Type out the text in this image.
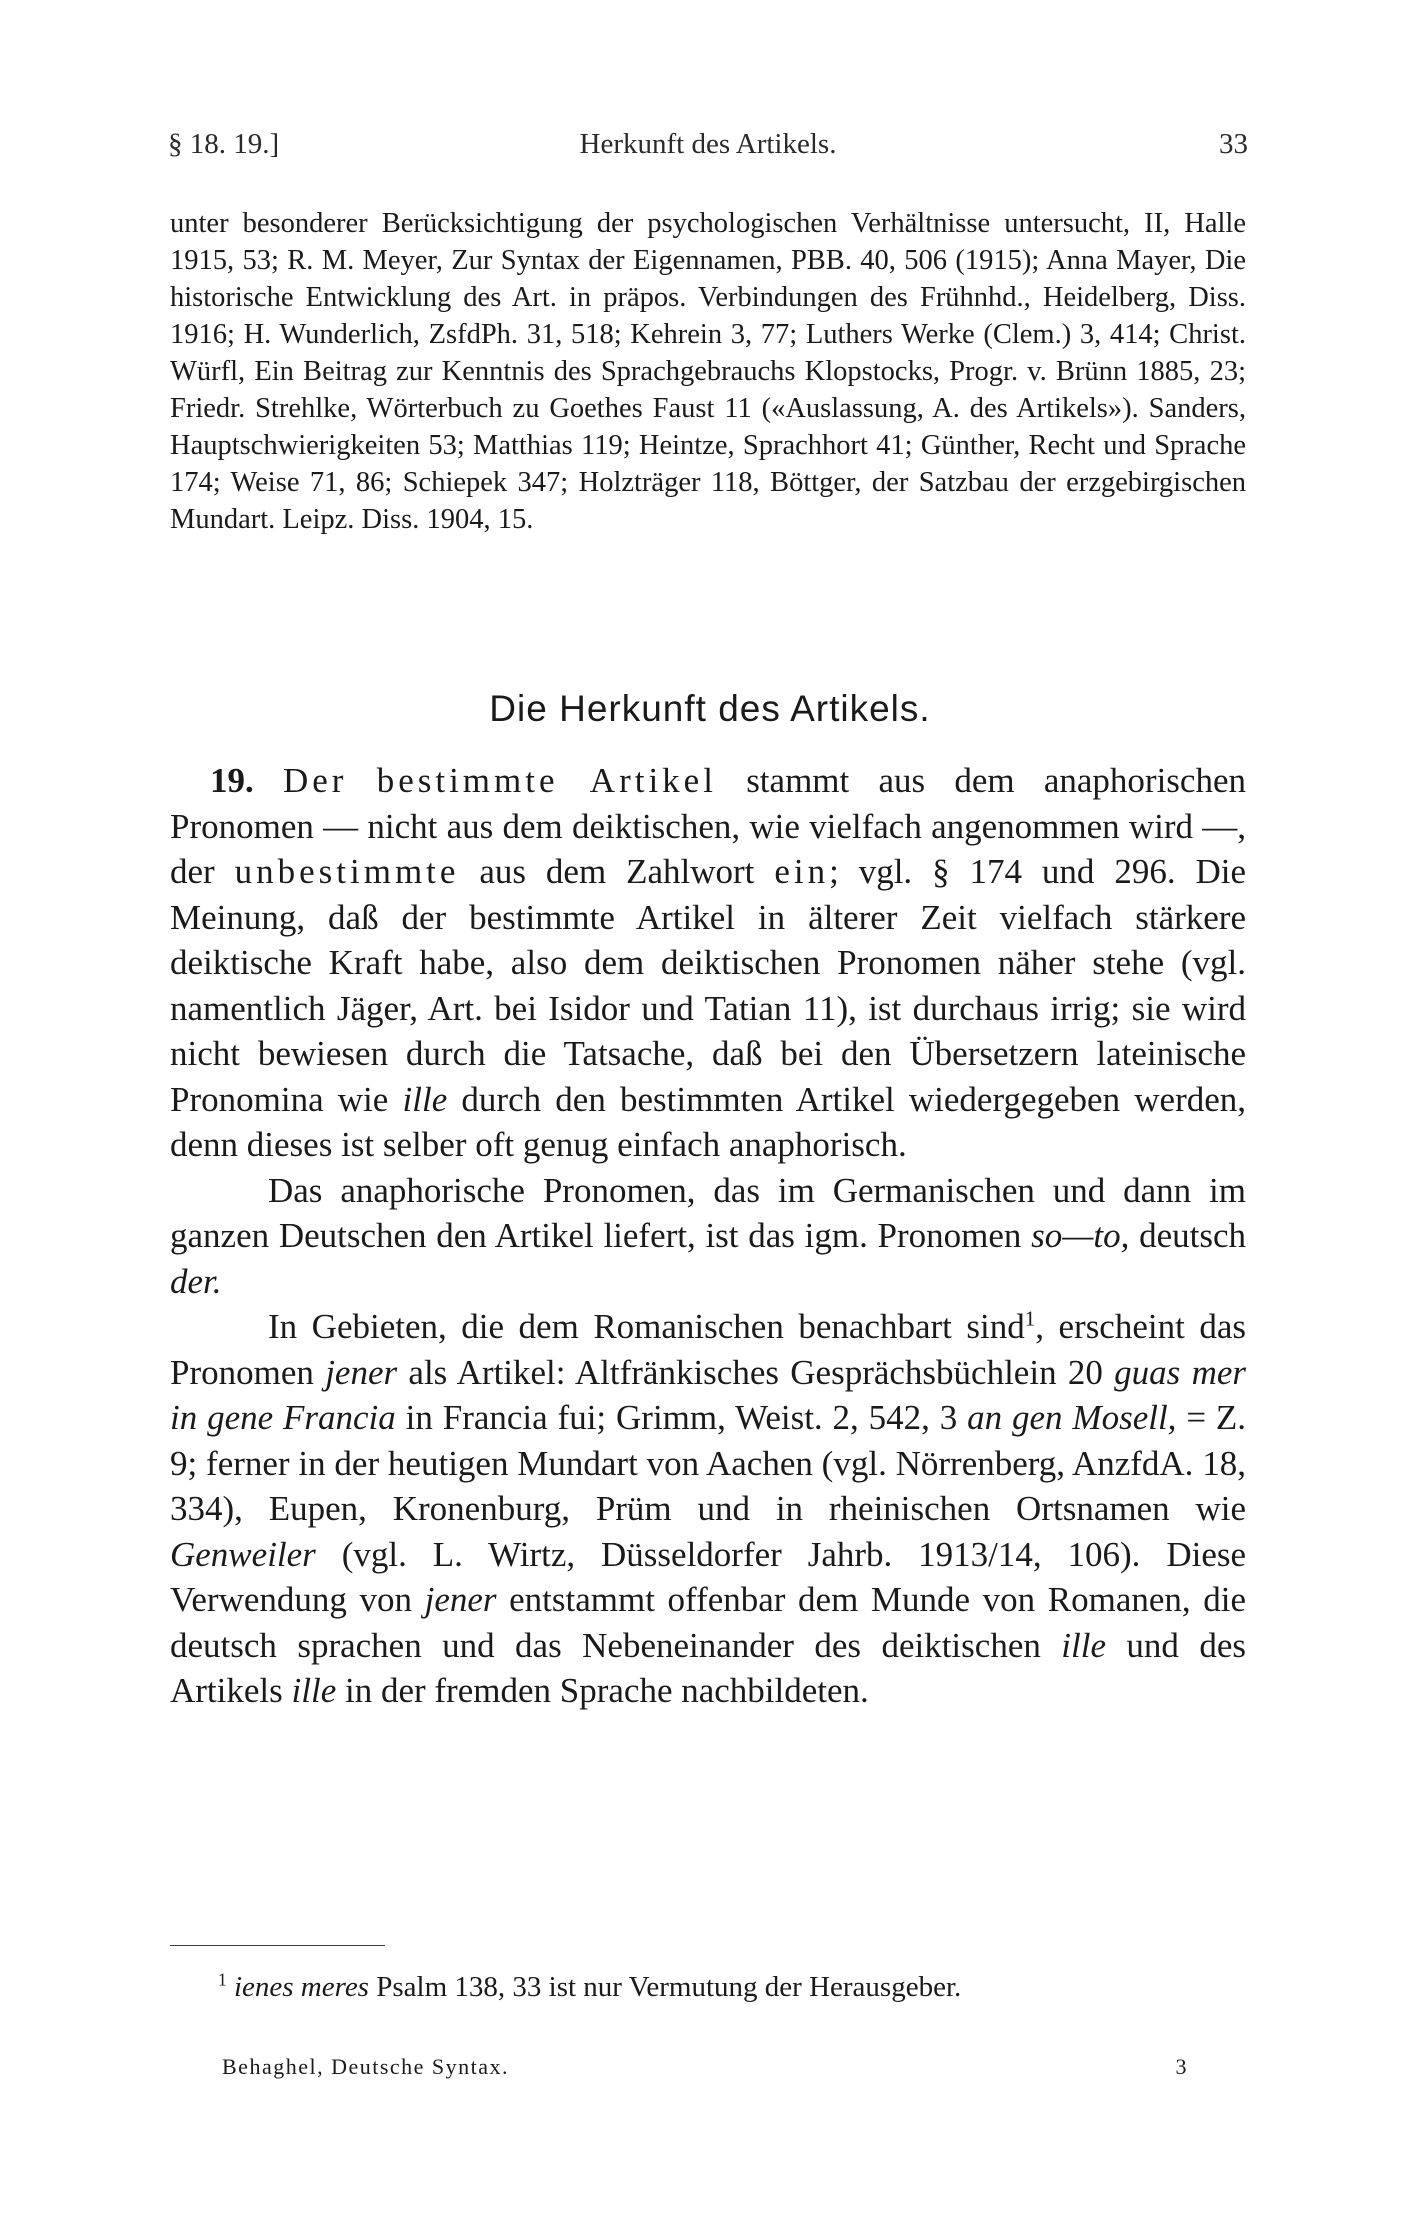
§ 18. 19.]	Herkunft des Artikels.	33

unter besonderer Berücksichtigung der psychologischen Verhältnisse untersucht, II, Halle 1915, 53; R. M. Meyer, Zur Syntax der Eigennamen, PBB. 40, 506 (1915); Anna Mayer, Die historische Entwicklung des Art. in präpos. Verbindungen des Frühnhd., Heidelberg, Diss. 1916; H. Wunderlich, ZsfdPh. 31, 518; Kehrein 3, 77; Luthers Werke (Clem.) 3, 414; Christ. Würfl, Ein Beitrag zur Kenntnis des Sprachgebrauchs Klopstocks, Progr. v. Brünn 1885, 23; Friedr. Strehlke, Wörterbuch zu Goethes Faust 11 («Auslassung, A. des Artikels»). Sanders, Hauptschwierigkeiten 53; Matthias 119; Heintze, Sprachhort 41; Günther, Recht und Sprache 174; Weise 71, 86; Schiepek 347; Holzträger 118, Böttger, der Satzbau der erzgebirgischen Mundart. Leipz. Diss. 1904, 15.

Die Herkunft des Artikels.

19. Der bestimmte Artikel stammt aus dem anaphorischen Pronomen — nicht aus dem deiktischen, wie vielfach angenommen wird —, der unbestimmte aus dem Zahlwort ein; vgl. § 174 und 296. Die Meinung, daß der bestimmte Artikel in älterer Zeit vielfach stärkere deiktische Kraft habe, also dem deiktischen Pronomen näher stehe (vgl. namentlich Jäger, Art. bei Isidor und Tatian 11), ist durchaus irrig; sie wird nicht bewiesen durch die Tatsache, daß bei den Übersetzern lateinische Pronomina wie ille durch den bestimmten Artikel wiedergegeben werden, denn dieses ist selber oft genug einfach anaphorisch.

Das anaphorische Pronomen, das im Germanischen und dann im ganzen Deutschen den Artikel liefert, ist das igm. Pronomen so—to, deutsch der.

In Gebieten, die dem Romanischen benachbart sind$^1$, erscheint das Pronomen jener als Artikel: Altfränkisches Gesprächsbüchlein 20 guas mer in gene Francia in Francia fui; Grimm, Weist. 2, 542, 3 an gen Mosell, = Z. 9; ferner in der heutigen Mundart von Aachen (vgl. Nörrenberg, AnzfdA. 18, 334), Eupen, Kronenburg, Prüm und in rheinischen Ortsnamen wie Genweiler (vgl. L. Wirtz, Düsseldorfer Jahrb. 1913/14, 106). Diese Verwendung von jener entstammt offenbar dem Munde von Romanen, die deutsch sprachen und das Nebeneinander des deiktischen ille und des Artikels ille in der fremden Sprache nachbildeten.

$^1$ ienes meres Psalm 138, 33 ist nur Vermutung der Herausgeber.

Behaghel, Deutsche Syntax.	3
